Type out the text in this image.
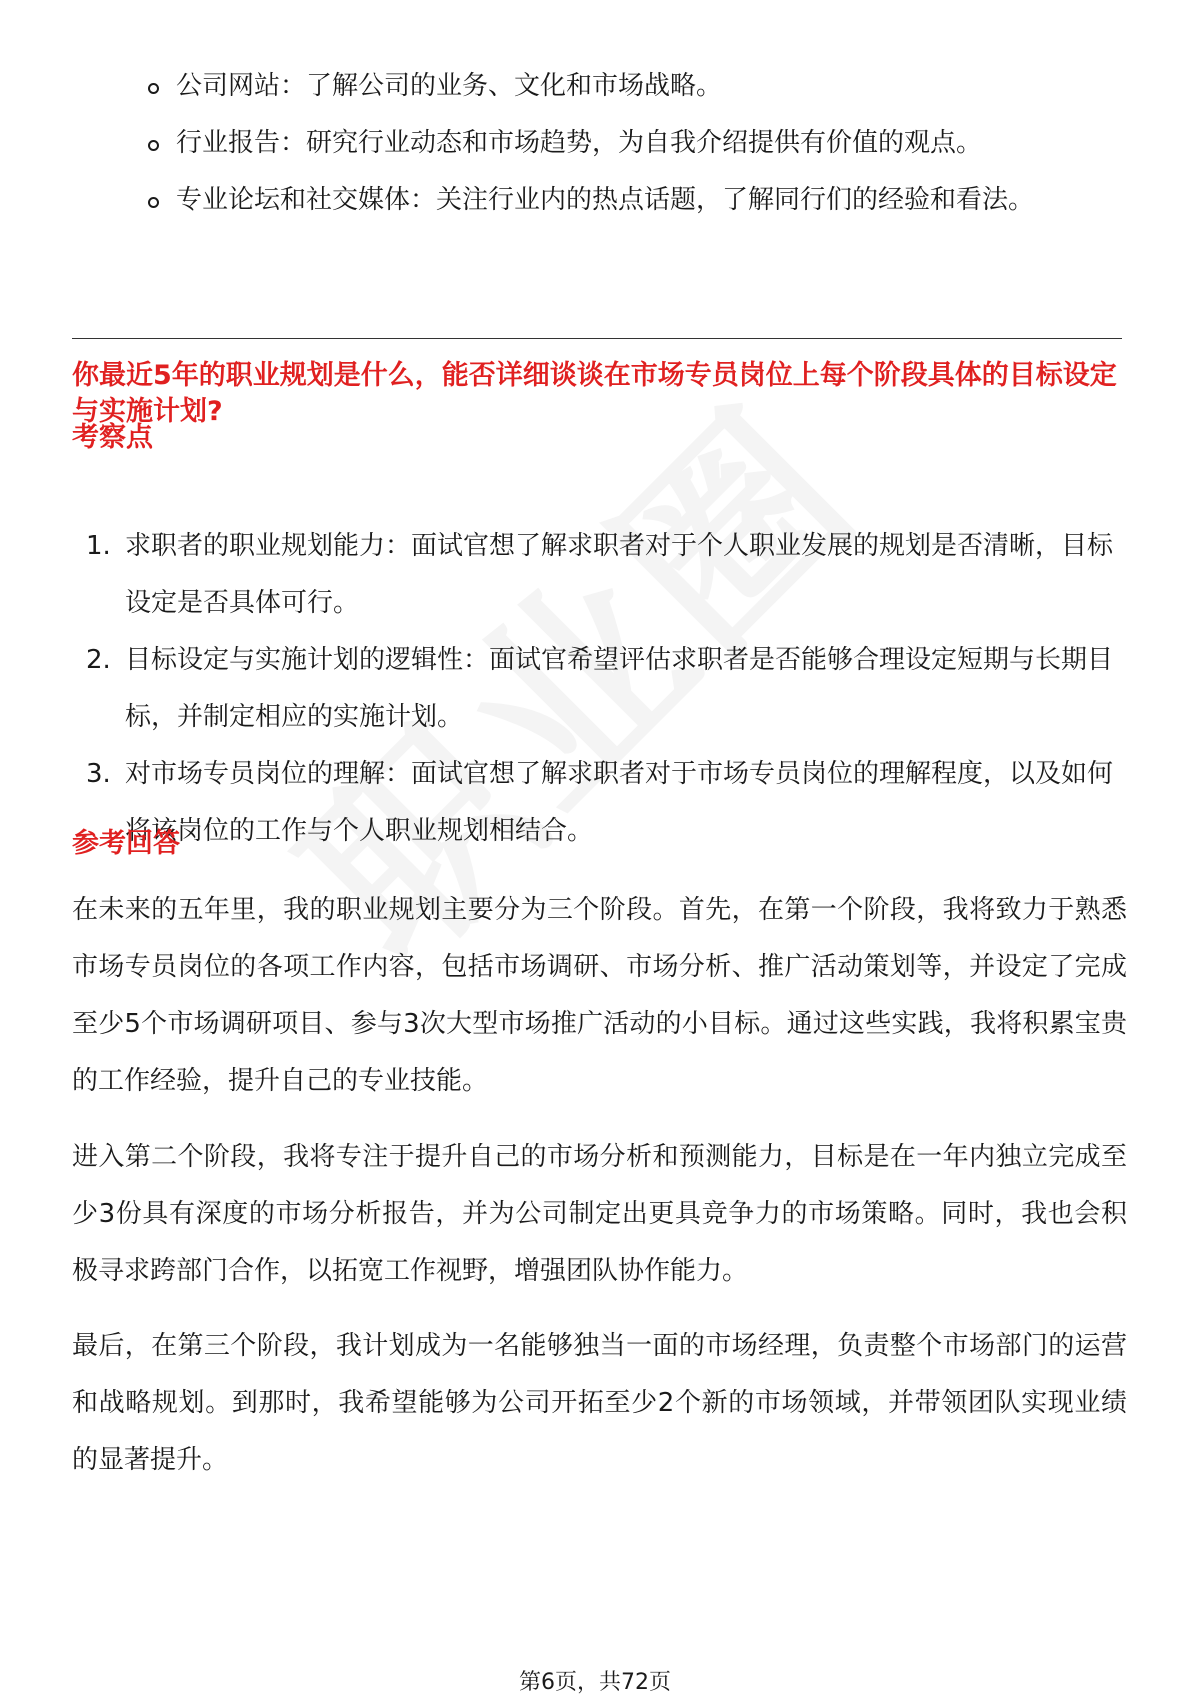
公司网站：了解公司的业务、文化和市场战略。
行业报告：研究行业动态和市场趋势，为自我介绍提供有价值的观点。
专业论坛和社交媒体：关注行业内的热点话题，了解同行们的经验和看法。
你最近5年的职业规划是什么，能否详细谈谈在市场专员岗位上每个阶段具体的目标设定与实施计划?
考察点
1. 求职者的职业规划能力：面试官想了解求职者对于个人职业发展的规划是否清晰，目标设定是否具体可行。
2. 目标设定与实施计划的逻辑性：面试官希望评估求职者是否能够合理设定短期与长期目标，并制定相应的实施计划。
3. 对市场专员岗位的理解：面试官想了解求职者对于市场专员岗位的理解程度，以及如何将该岗位的工作与个人职业规划相结合。
参考回答

在未来的五年里，我的职业规划主要分为三个阶段。首先，在第一个阶段，我将致力于熟悉市场专员岗位的各项工作内容，包括市场调研、市场分析、推广活动策划等，并设定了完成至少5个市场调研项目、参与3次大型市场推广活动的小目标。通过这些实践，我将积累宝贵的工作经验，提升自己的专业技能。

进入第二个阶段，我将专注于提升自己的市场分析和预测能力，目标是在一年内独立完成至少3份具有深度的市场分析报告，并为公司制定出更具竞争力的市场策略。同时，我也会积极寻求跨部门合作，以拓宽工作视野，增强团队协作能力。

最后，在第三个阶段，我计划成为一名能够独当一面的市场经理，负责整个市场部门的运营和战略规划。到那时，我希望能够为公司开拓至少2个新的市场领域，并带领团队实现业绩的显著提升。

第6页，共72页
